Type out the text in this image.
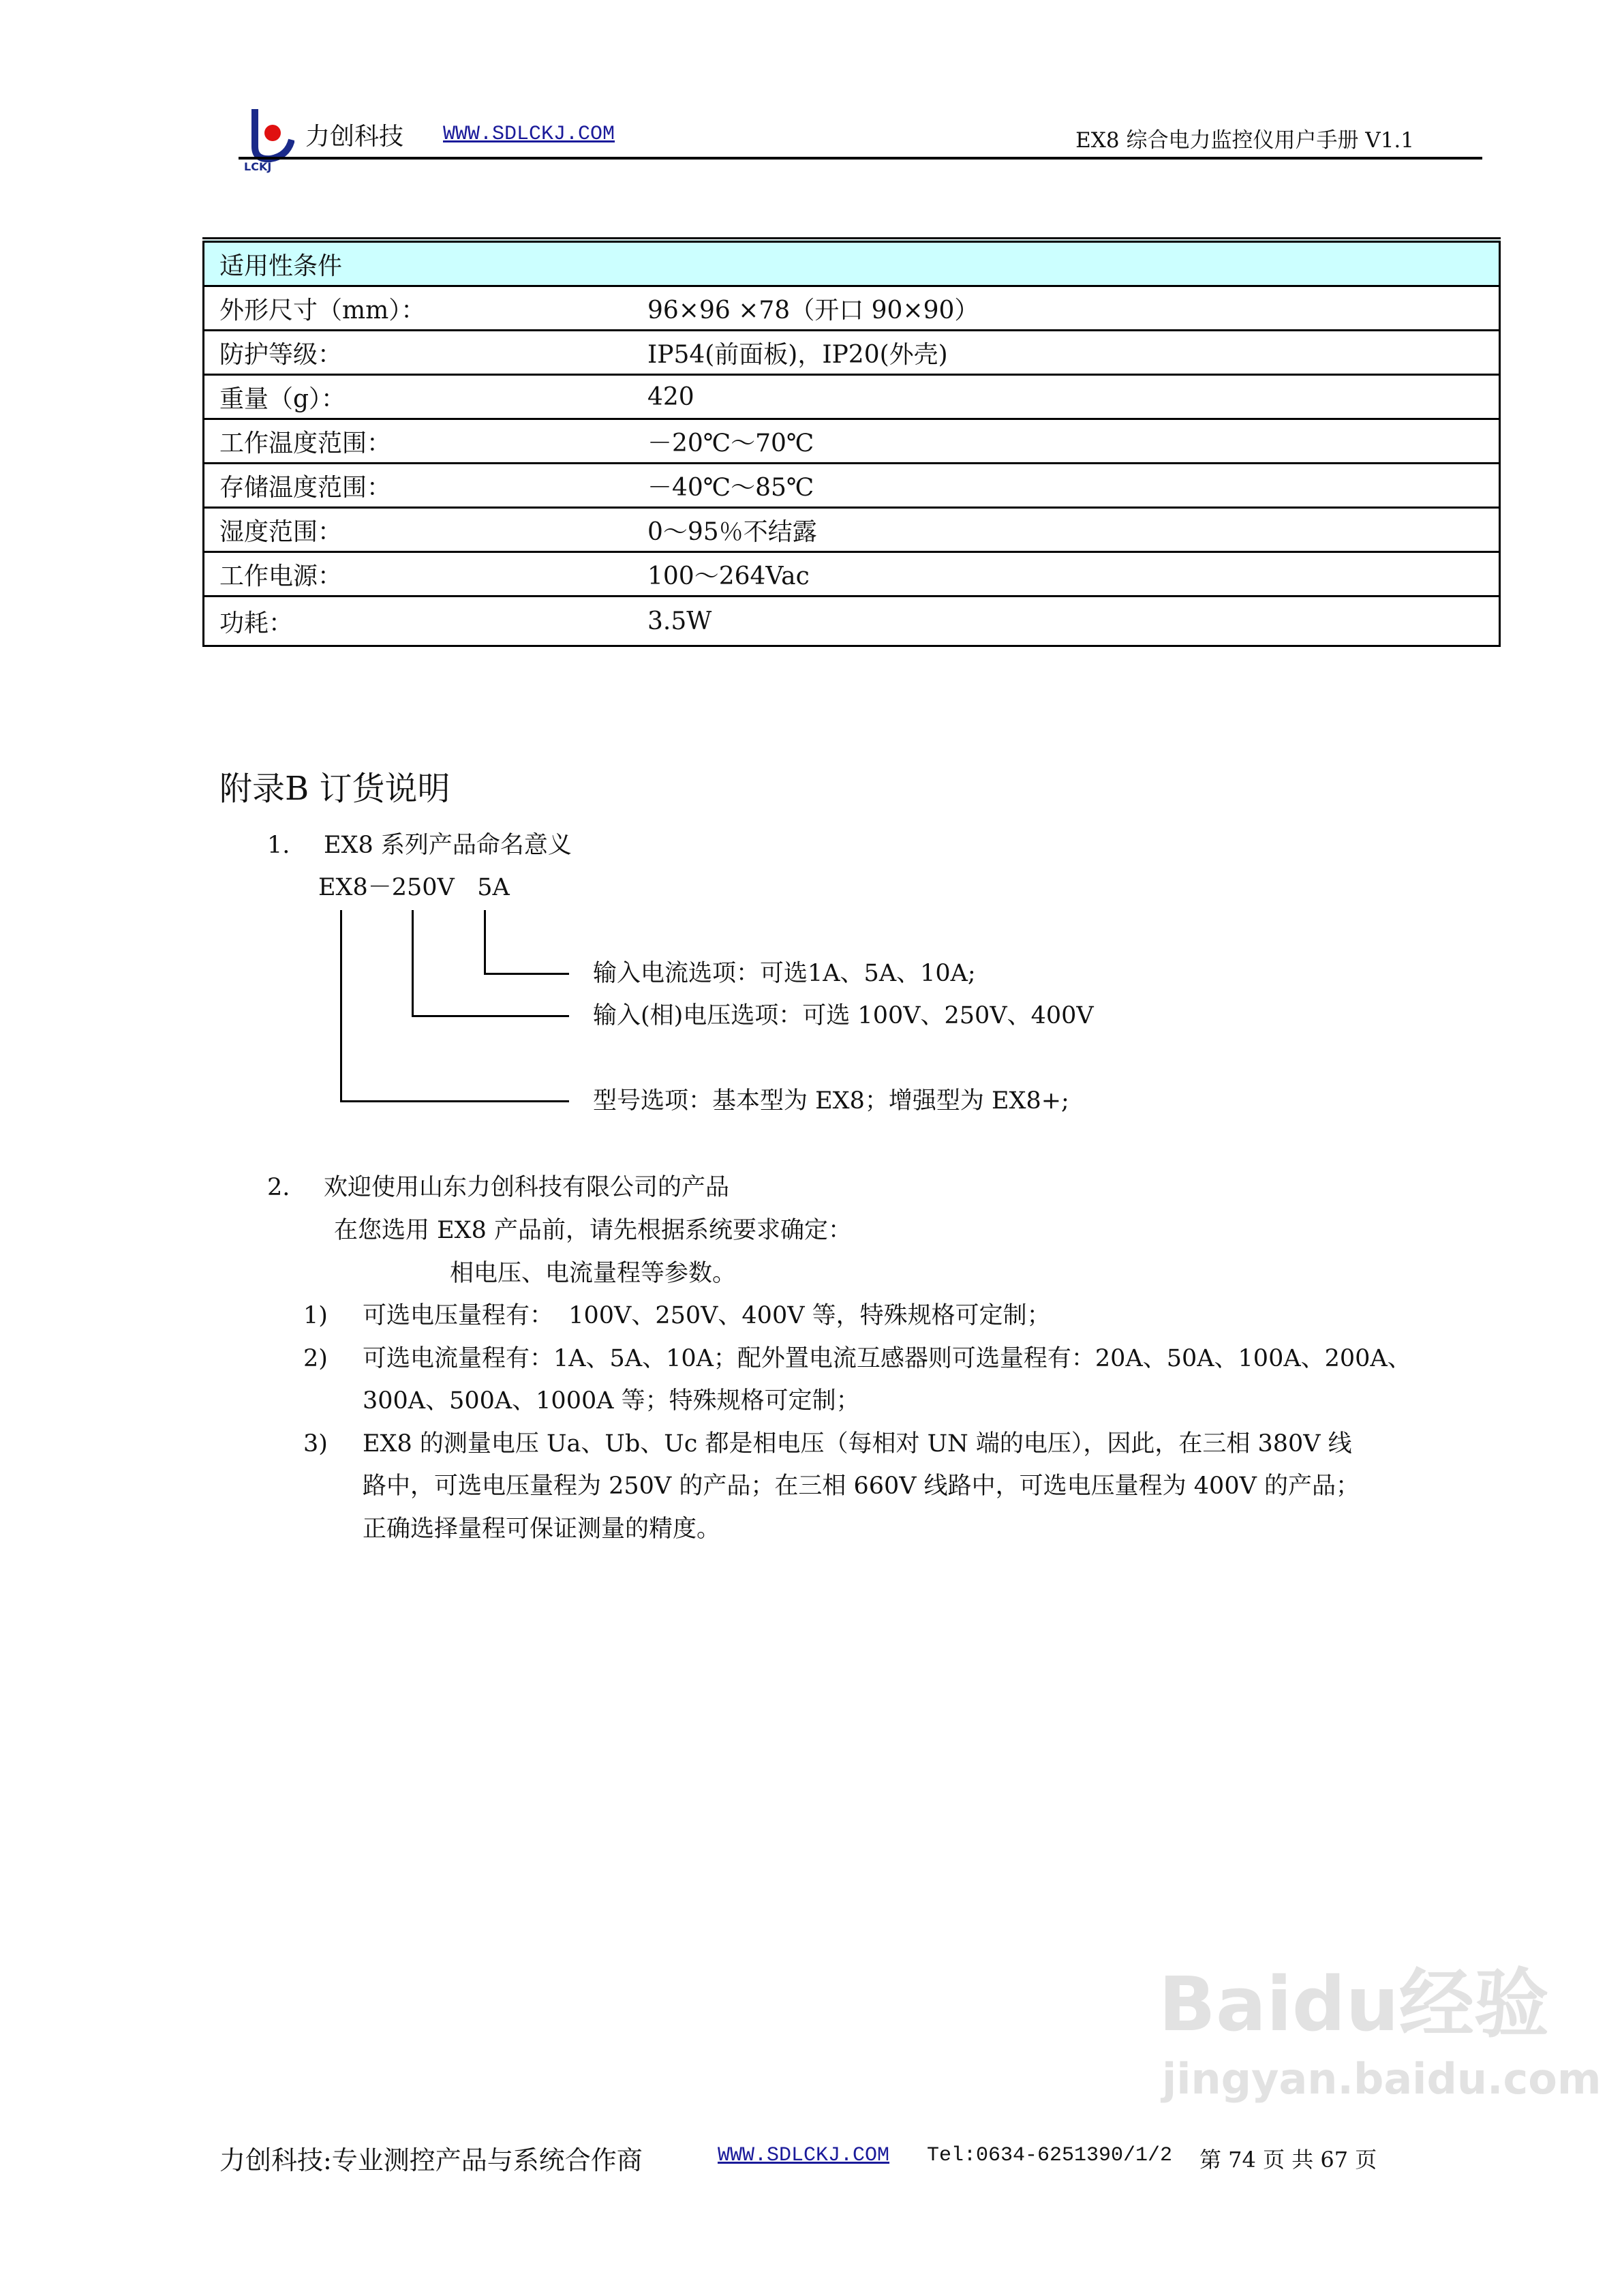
LCKJ
力创科技 WWW.SDLCKJ.COM	EX8 综合电力监控仪用户手册 V1.1
适用性条件	
外形尺寸（mm）：	96×96 ×78（开口 90×90）
防护等级：	IP54(前面板)，IP20(外壳)
重量（g）：	420
工作温度范围：	－20℃～70℃
存储温度范围：	－40℃～85℃
湿度范围：	0～95％不结露
工作电源：	100～264Vac
功耗：	3.5W
附录B 订货说明
1. EX8 系列产品命名意义
EX8－250V   5A
输入电流选项：可选1A、5A、10A;
输入(相)电压选项：可选 100V、250V、400V
型号选项：基本型为 EX8；增强型为 EX8+;
2. 欢迎使用山东力创科技有限公司的产品
在您选用 EX8 产品前，请先根据系统要求确定：
相电压、电流量程等参数。
1) 可选电压量程有：  100V、250V、400V 等，特殊规格可定制；
2) 可选电流量程有：1A、5A、10A；配外置电流互感器则可选量程有：20A、50A、100A、200A、
300A、500A、1000A 等；特殊规格可定制；
3) EX8 的测量电压 Ua、Ub、Uc 都是相电压（每相对 UN 端的电压），因此，在三相 380V 线
路中，可选电压量程为 250V 的产品；在三相 660V 线路中，可选电压量程为 400V 的产品；
正确选择量程可保证测量的精度。
Baidu经验
jingyan.baidu.com
力创科技:专业测控产品与系统合作商	WWW.SDLCKJ.COM Tel:0634-6251390/1/2 第 74 页 共 67 页
